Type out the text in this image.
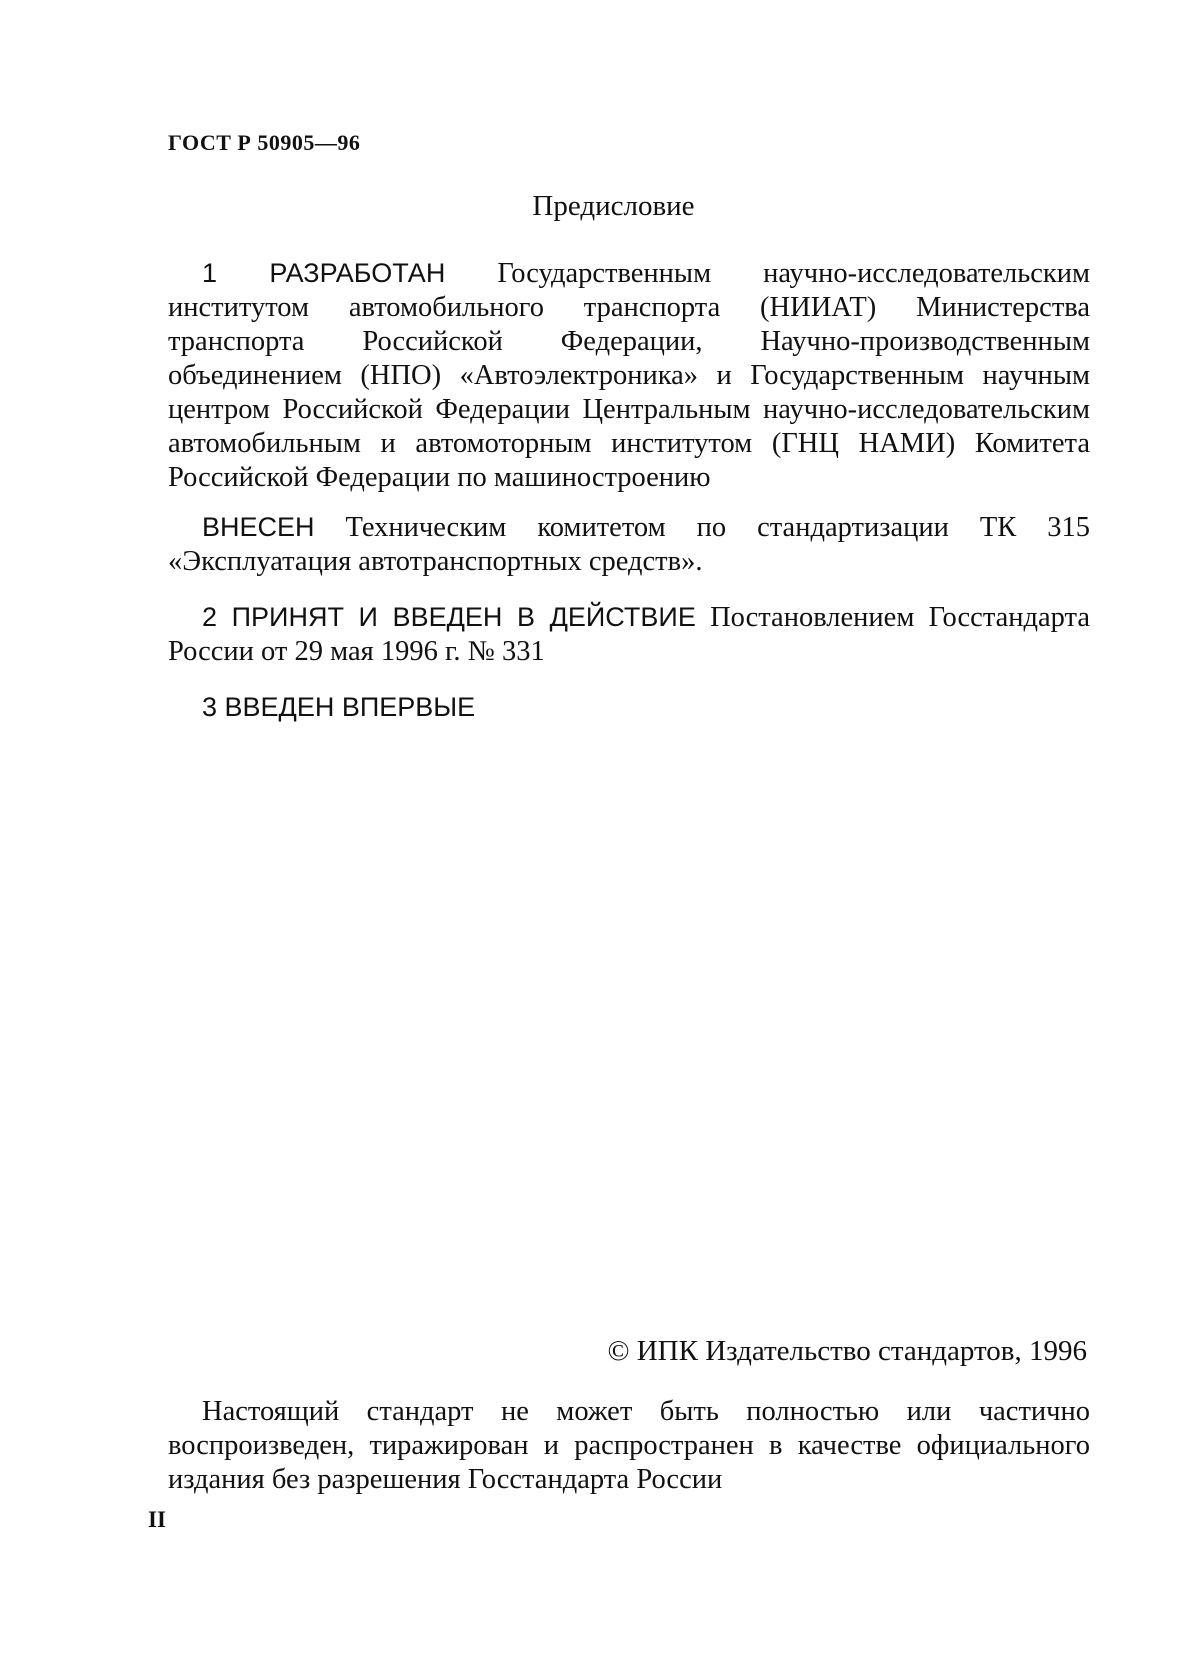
ГОСТ Р 50905—96
Предисловие

1 РАЗРАБОТАН Государственным научно-исследовательским институтом автомобильного транспорта (НИИАТ) Министерства транспорта Российской Федерации, Научно-производственным объединением (НПО) «Автоэлектроника» и Государственным научным центром Российской Федерации Центральным научно-исследовательским автомобильным и автомоторным институтом (ГНЦ НАМИ) Комитета Российской Федерации по машиностроению

ВНЕСЕН Техническим комитетом по стандартизации ТК 315 «Эксплуатация автотранспортных средств».

2 ПРИНЯТ И ВВЕДЕН В ДЕЙСТВИЕ Постановлением Госстандарта России от 29 мая 1996 г. № 331

3 ВВЕДЕН ВПЕРВЫЕ

© ИПК Издательство стандартов, 1996

Настоящий стандарт не может быть полностью или частично воспроизведен, тиражирован и распространен в качестве официального издания без разрешения Госстандарта России

II
